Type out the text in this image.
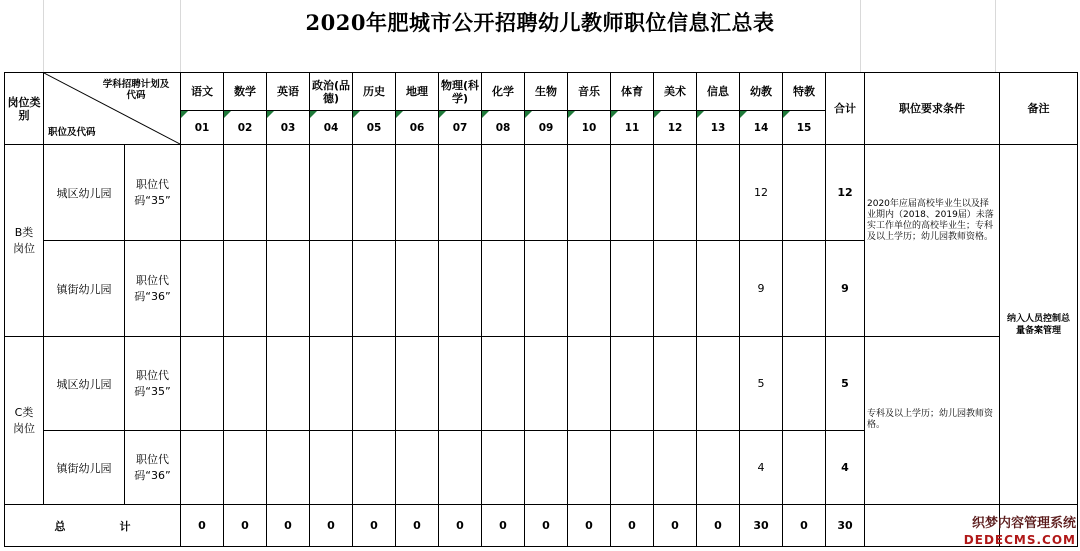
2020年肥城市公开招聘幼儿教师职位信息汇总表
岗位类别	学科招聘计划及代码
职位及代码		语文	数学	英语	政治(品德)	历史	地理	物理(科学)	化学	生物	音乐	体育	美术	信息	幼教	特教	合计	职位要求条件	备注
			01	02	03	04	05	06	07	08	09	10	11	12	13	14	15			

B类岗位	城区幼儿园	职位代码“35”														12		12	2020年应届高校毕业生以及择业期内（2018、2019届）未落实工作单位的高校毕业生；专科及以上学历；幼儿园教师资格。	纳入人员控制总量备案管理

	镇街幼儿园	职位代码“36”														9		9		

C类岗位	城区幼儿园	职位代码“35”														5		5	专科及以上学历；幼儿园教师资格。	

	镇街幼儿园	职位代码“36”														4		4		
总 计			0	0	0	0	0	0	0	0	0	0	0	0	0	30	0	30			织梦内容管理系统
DEDECMS.COM
